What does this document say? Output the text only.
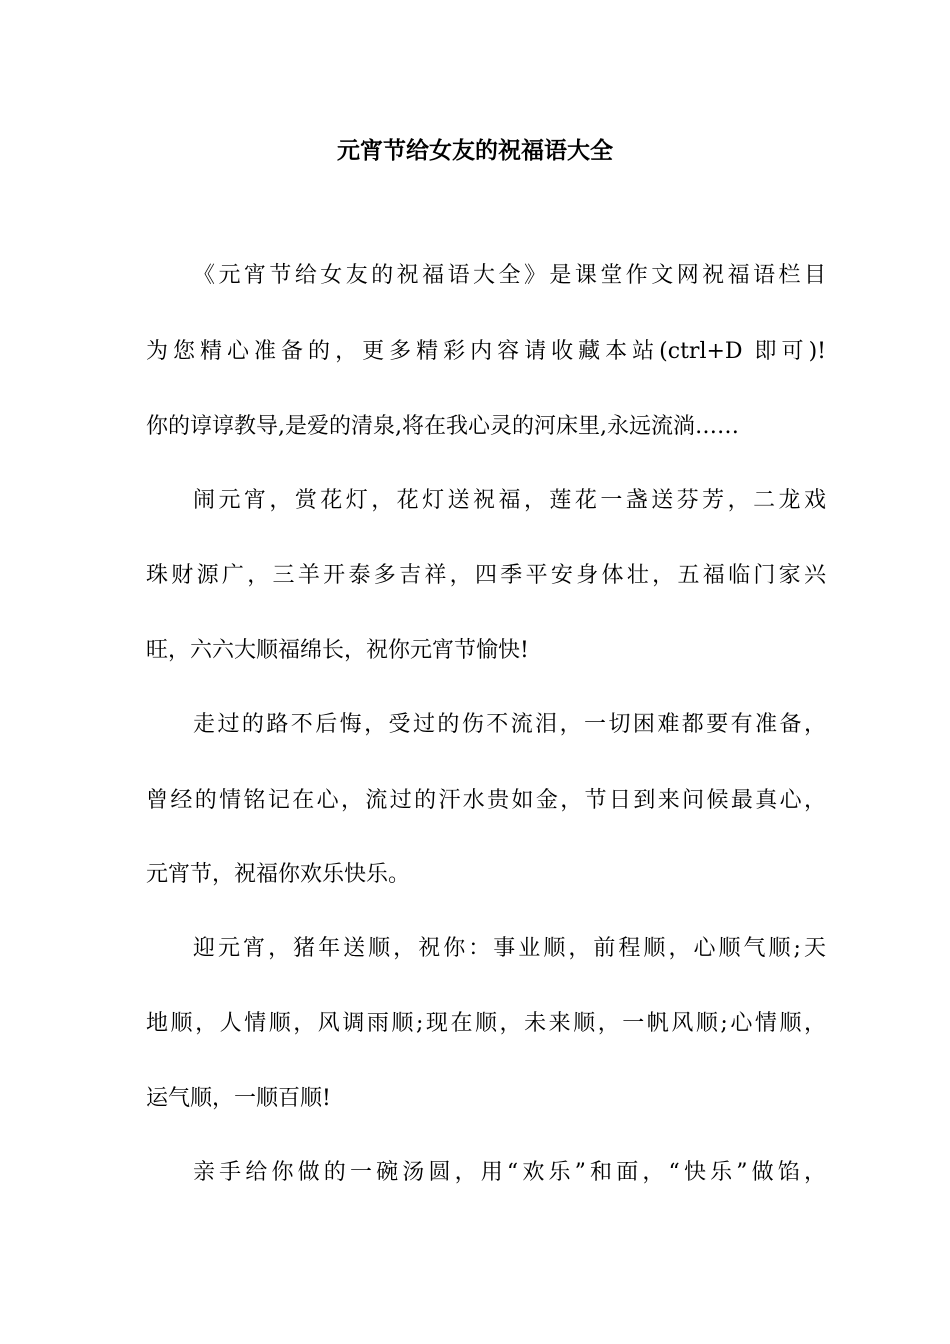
元宵节给女友的祝福语大全
《元宵节给女友的祝福语大全》是课堂作文网祝福语栏目
为您精心准备的，更多精彩内容请收藏本站(ctrl+D 即可)!
你的谆谆教导,是爱的清泉,将在我心灵的河床里,永远流淌……
闹元宵，赏花灯，花灯送祝福，莲花一盏送芬芳，二龙戏
珠财源广，三羊开泰多吉祥，四季平安身体壮，五福临门家兴
旺，六六大顺福绵长，祝你元宵节愉快!
走过的路不后悔，受过的伤不流泪，一切困难都要有准备，
曾经的情铭记在心，流过的汗水贵如金，节日到来问候最真心，
元宵节，祝福你欢乐快乐。
迎元宵，猪年送顺，祝你：事业顺，前程顺，心顺气顺;天
地顺，人情顺，风调雨顺;现在顺，未来顺，一帆风顺;心情顺，
运气顺，一顺百顺!
亲手给你做的一碗汤圆，用“欢乐”和面，“快乐”做馅，
